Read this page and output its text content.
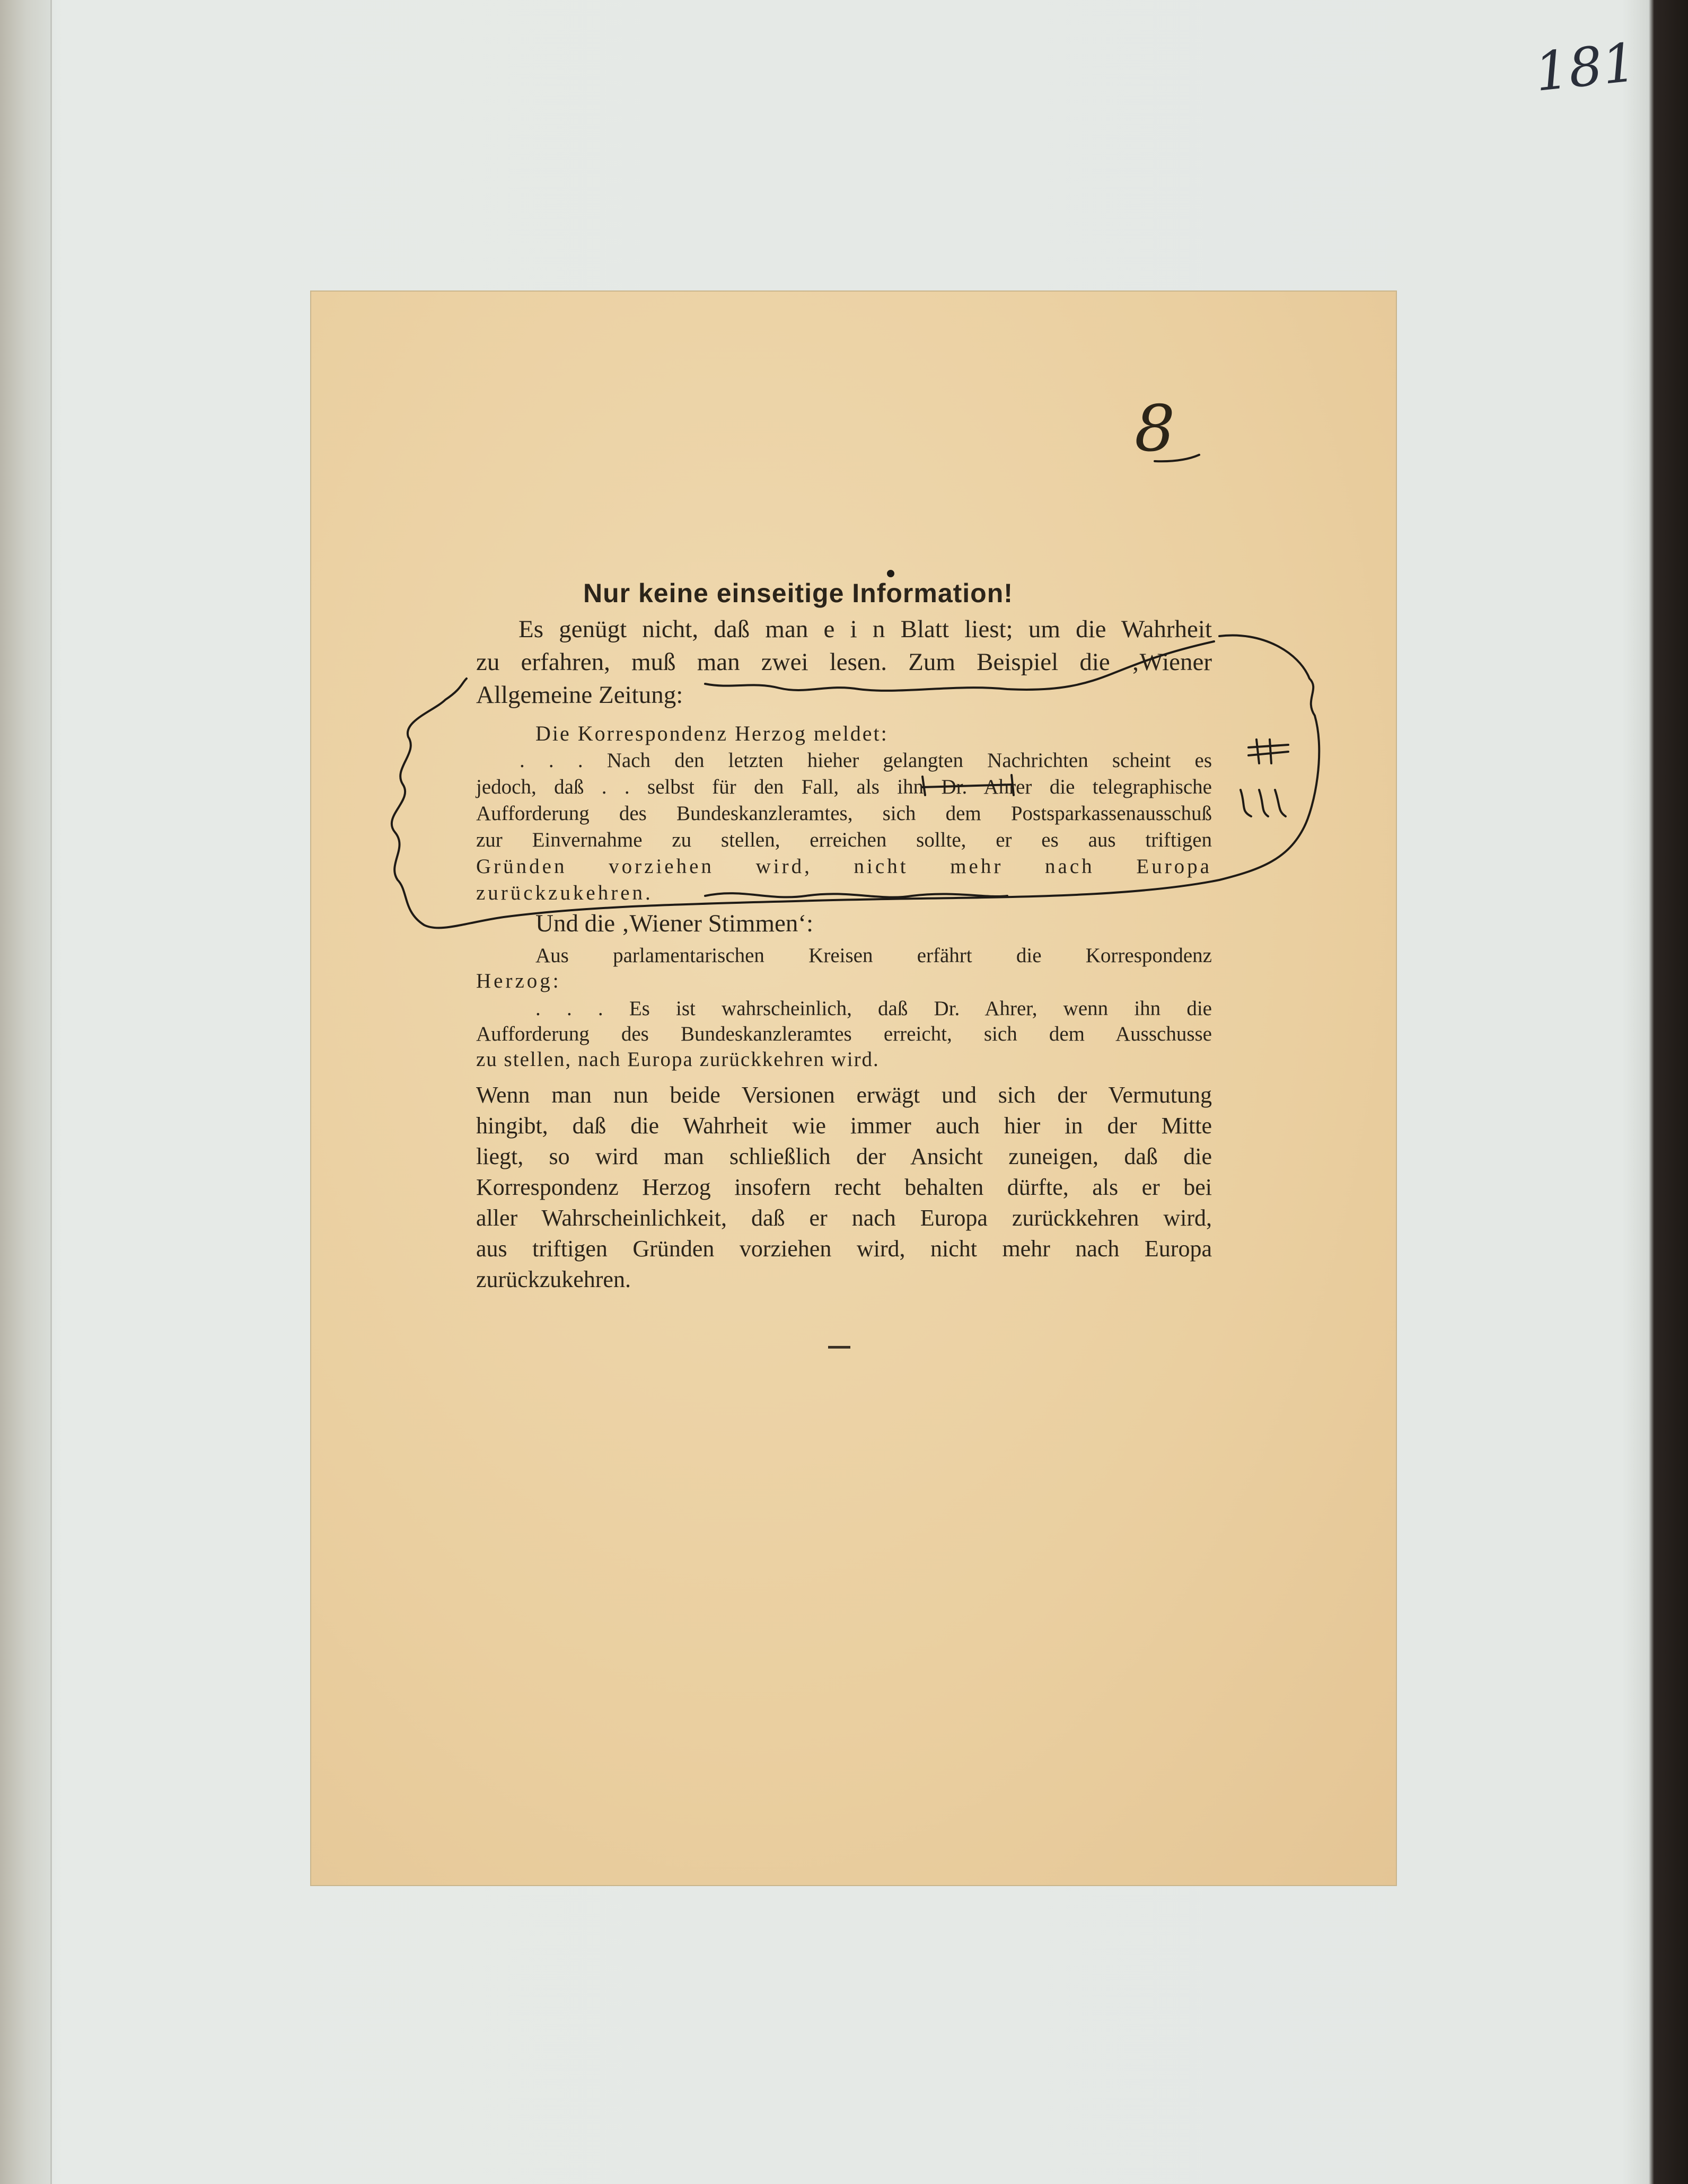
181
8
Nur keine einseitige Information!
Es genügt nicht, daß man e i n Blatt liest; um die Wahrheit
zu erfahren, muß man zwei lesen. Zum Beispiel die ‚Wiener
Allgemeine Zeitung:
Die Korrespondenz Herzog meldet:
. . . Nach den letzten hieher gelangten Nachrichten scheint es
jedoch, daß . . selbst für den Fall, als ihn Dr. Ahrer die telegraphische
Aufforderung des Bundeskanzleramtes, sich dem Postsparkassenausschuß
zur Einvernahme zu stellen, erreichen sollte, er es aus triftigen
Gründen vorziehen wird, nicht mehr nach Europa
zurückzukehren.
Und die ‚Wiener Stimmen‘:
Aus parlamentarischen Kreisen erfährt die Korrespondenz
Herzog:
. . . Es ist wahrscheinlich, daß Dr. Ahrer, wenn ihn die
Aufforderung des Bundeskanzleramtes erreicht, sich dem Ausschusse
zu stellen, nach Europa zurückkehren wird.
Wenn man nun beide Versionen erwägt und sich der Vermutung
hingibt, daß die Wahrheit wie immer auch hier in der Mitte
liegt, so wird man schließlich der Ansicht zuneigen, daß die
Korrespondenz Herzog insofern recht behalten dürfte, als er bei
aller Wahrscheinlichkeit, daß er nach Europa zurückkehren wird,
aus triftigen Gründen vorziehen wird, nicht mehr nach Europa
zurückzukehren.
